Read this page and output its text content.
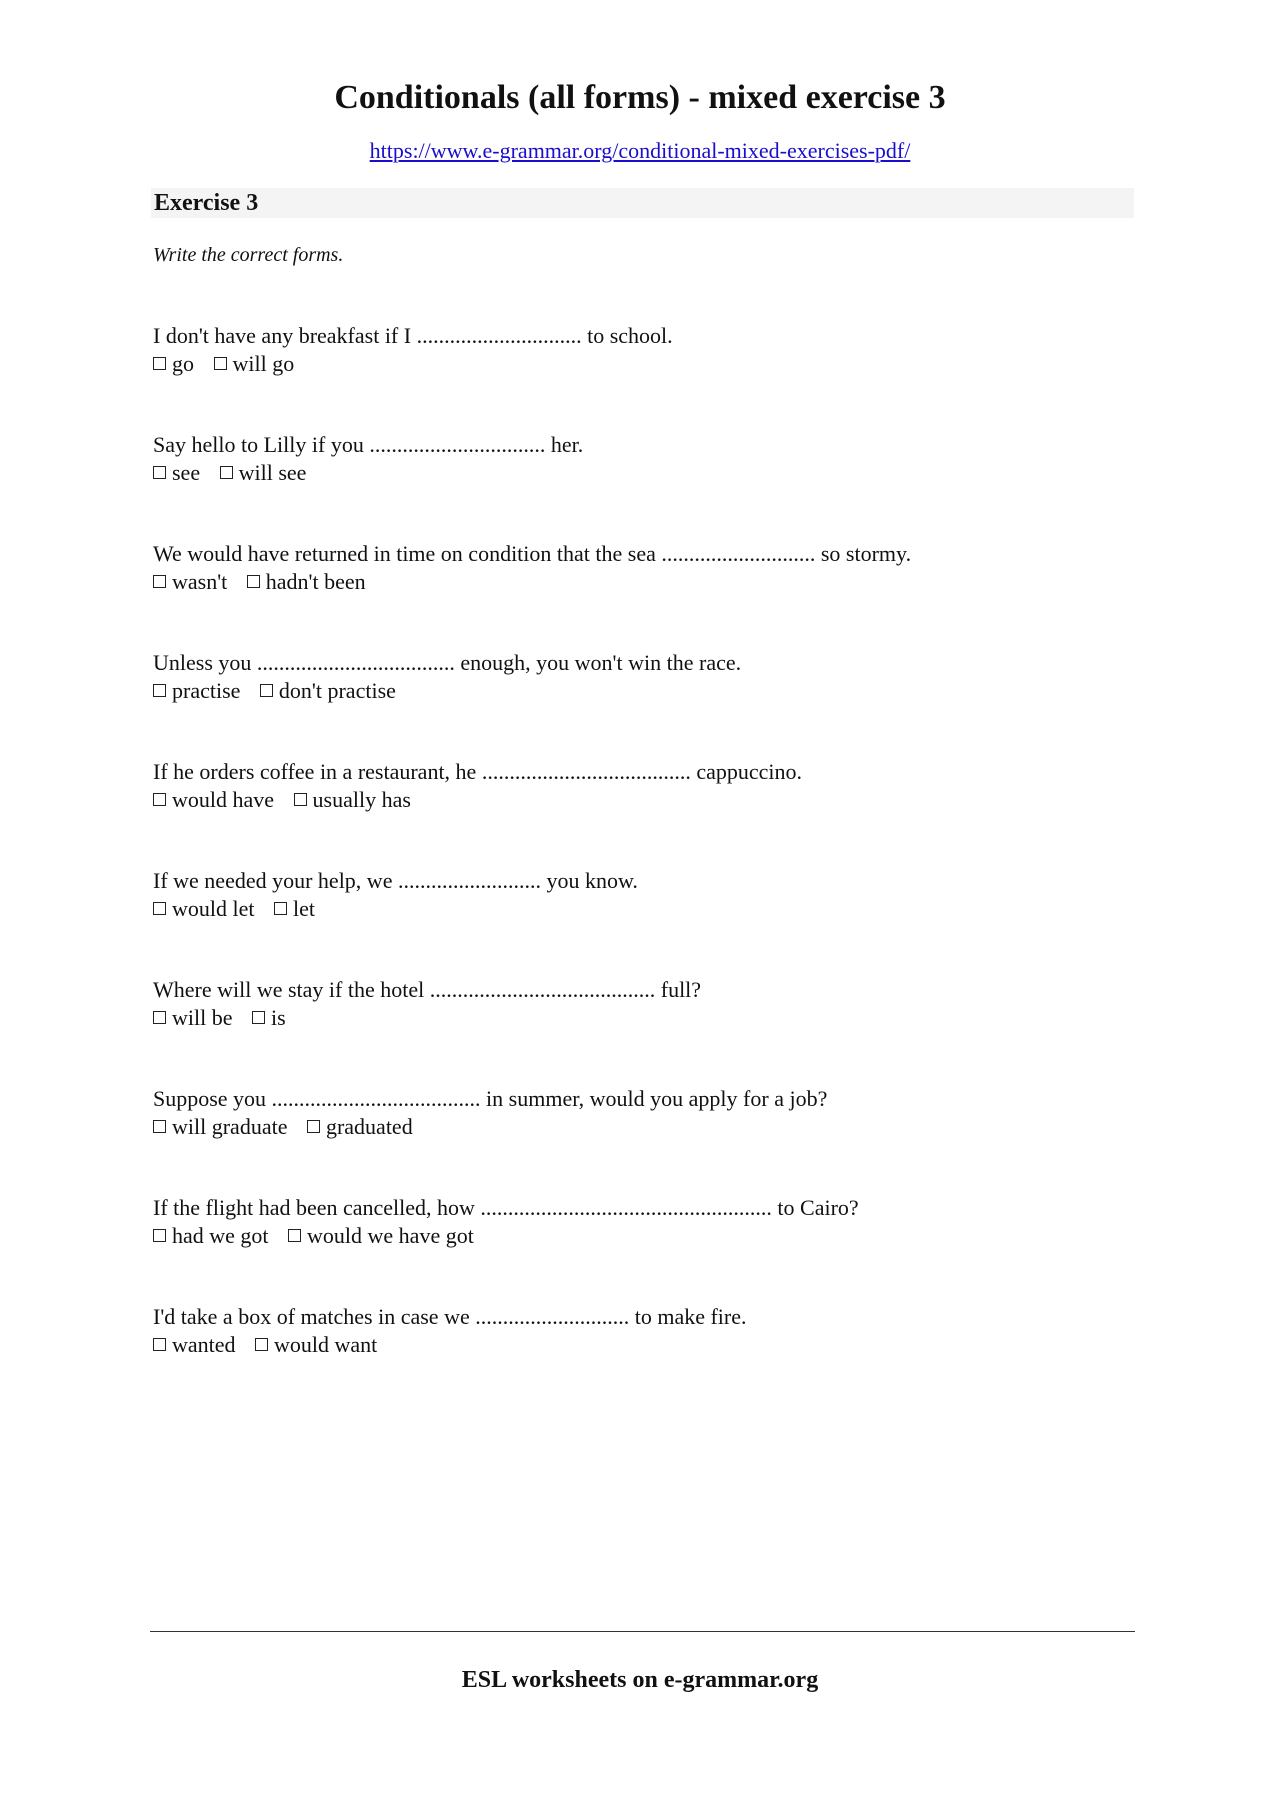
Conditionals (all forms) - mixed exercise 3
https://www.e-grammar.org/conditional-mixed-exercises-pdf/
Exercise 3
Write the correct forms.
I don't have any breakfast if I .............................. to school.
go will go
Say hello to Lilly if you ................................ her.
see will see
We would have returned in time on condition that the sea ............................ so stormy.
wasn't hadn't been
Unless you .................................... enough, you won't win the race.
practise don't practise
If he orders coffee in a restaurant, he ...................................... cappuccino.
would have usually has
If we needed your help, we .......................... you know.
would let let
Where will we stay if the hotel ......................................... full?
will be is
Suppose you ...................................... in summer, would you apply for a job?
will graduate graduated
If the flight had been cancelled, how ..................................................... to Cairo?
had we got would we have got
I'd take a box of matches in case we ............................ to make fire.
wanted would want
ESL worksheets on e-grammar.org
